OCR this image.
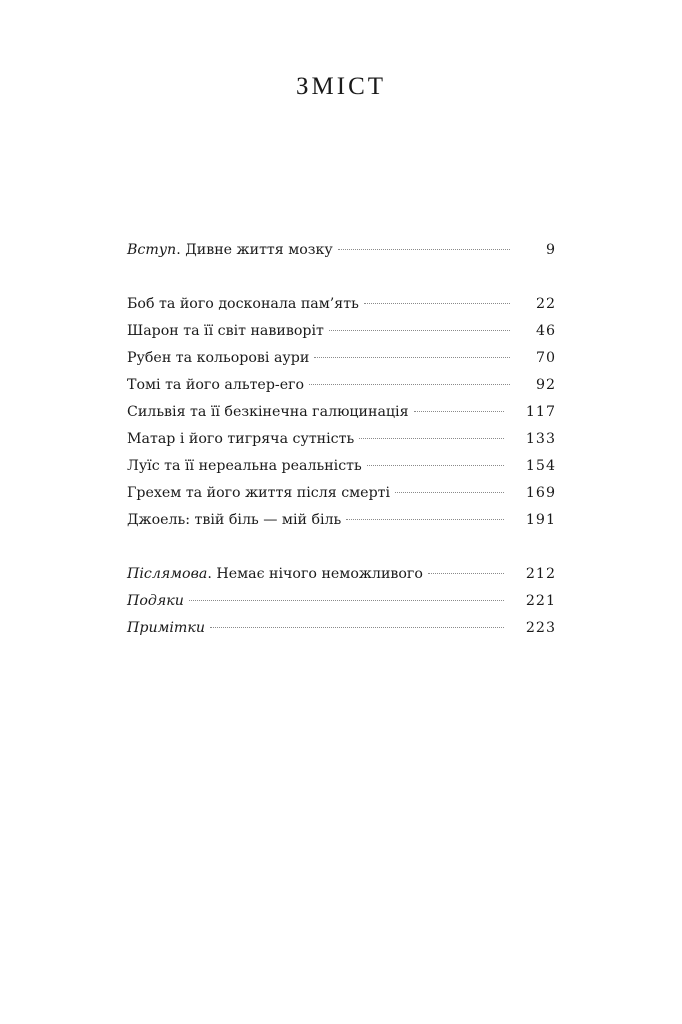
ЗМІСТ
Вступ. Дивне життя мозку	9
Боб та його досконала пам’ять	22
Шарон та її світ навиворіт	46
Рубен та кольорові аури	70
Томі та його альтер-его	92
Сильвія та її безкінечна галюцинація	117
Матар і його тигряча сутність	133
Луїс та її нереальна реальність	154
Грехем та його життя після смерті	169
Джоель: твій біль — мій біль	191
Післямова. Немає нічого неможливого	212
Подяки	221
Примітки	223
